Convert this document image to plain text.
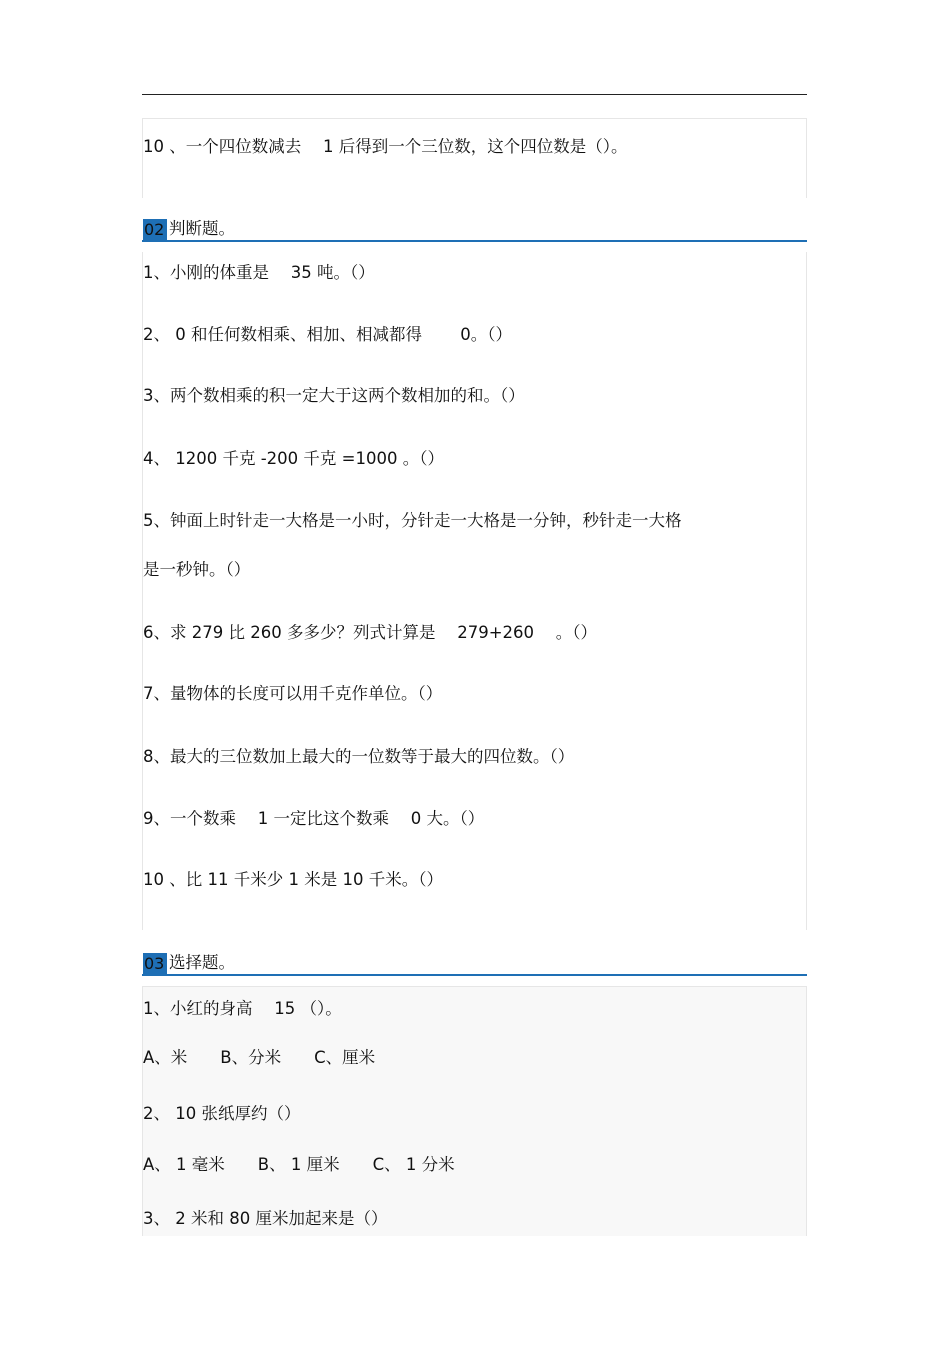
10 、一个四位数减去　 1 后得到一个三位数，这个四位数是（）。
02 判断题。
1、小刚的体重是　 35 吨。（）
2、 0 和任何数相乘、相加、相减都得　　 0。（）
3、两个数相乘的积一定大于这两个数相加的和。（）
4、 1200 千克 -200 千克 =1000 。（）
5、钟面上时针走一大格是一小时，分针走一大格是一分钟，秒针走一大格
是一秒钟。（）
6、求 279 比 260 多多少？列式计算是　 279+260 　。（）
7、量物体的长度可以用千克作单位。（）
8、最大的三位数加上最大的一位数等于最大的四位数。（）
9、一个数乘　 1 一定比这个数乘　 0 大。（）
10 、比 11 千米少 1 米是 10 千米。（）
03 选择题。
1、小红的身高　 15 （）。
A、米　　B、分米　　C、厘米
2、 10 张纸厚约（）
A、 1 毫米　　B、 1 厘米　　C、 1 分米
3、 2 米和 80 厘米加起来是（）
